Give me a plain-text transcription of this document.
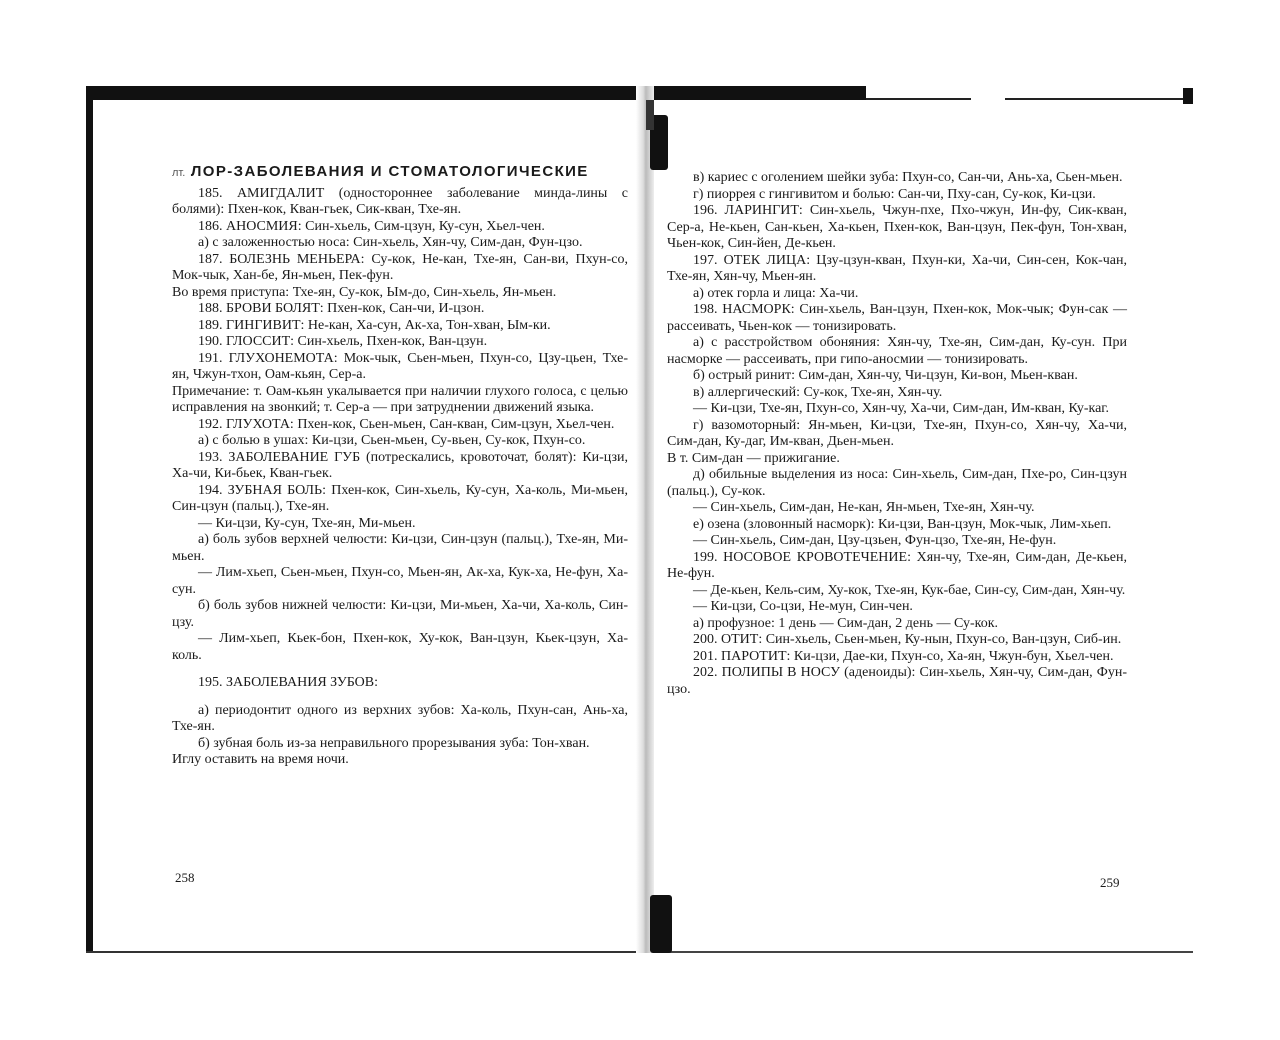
лт. ЛОР-ЗАБОЛЕВАНИЯ И СТОМАТОЛОГИЧЕСКИЕ

185. АМИГДАЛИТ (одностороннее заболевание минда-лины с болями): Пхен-кок, Кван-гьек, Сик-кван, Тхе-ян.

186. АНОСМИЯ: Син-хьель, Сим-цзун, Ку-сун, Хьел-чен.

а) с заложенностью носа: Син-хьель, Хян-чу, Сим-дан, Фун-цзо.

187. БОЛЕЗНЬ МЕНЬЕРА: Су-кок, Не-кан, Тхе-ян, Сан-ви, Пхун-со, Мок-чык, Хан-бе, Ян-мьен, Пек-фун.

Во время приступа: Тхе-ян, Су-кок, Ым-до, Син-хьель, Ян-мьен.

188. БРОВИ БОЛЯТ: Пхен-кок, Сан-чи, И-цзон.

189. ГИНГИВИТ: Не-кан, Ха-сун, Ак-ха, Тон-хван, Ым-ки.

190. ГЛОССИТ: Син-хьель, Пхен-кок, Ван-цзун.

191. ГЛУХОНЕМОТА: Мок-чык, Сьен-мьен, Пхун-со, Цзу-цьен, Тхе-ян, Чжун-тхон, Оам-кьян, Сер-а.

Примечание: т. Оам-кьян укалывается при наличии глухого голоса, с целью исправления на звонкий; т. Сер-а — при затруднении движений языка.

192. ГЛУХОТА: Пхен-кок, Сьен-мьен, Сан-кван, Сим-цзун, Хьел-чен.

а) с болью в ушах: Ки-цзи, Сьен-мьен, Су-вьен, Су-кок, Пхун-со.

193. ЗАБОЛЕВАНИЕ ГУБ (потрескались, кровоточат, болят): Ки-цзи, Ха-чи, Ки-бьек, Кван-гьек.

194. ЗУБНАЯ БОЛЬ: Пхен-кок, Син-хьель, Ку-сун, Ха-коль, Ми-мьен, Син-цзун (пальц.), Тхе-ян.

— Ки-цзи, Ку-сун, Тхе-ян, Ми-мьен.

а) боль зубов верхней челюсти: Ки-цзи, Син-цзун (пальц.), Тхе-ян, Ми-мьен.

— Лим-хьеп, Сьен-мьен, Пхун-со, Мьен-ян, Ак-ха, Кук-ха, Не-фун, Ха-сун.

б) боль зубов нижней челюсти: Ки-цзи, Ми-мьен, Ха-чи, Ха-коль, Син-цзу.

— Лим-хьеп, Кьек-бон, Пхен-кок, Ху-кок, Ван-цзун, Кьек-цзун, Ха-коль.

195. ЗАБОЛЕВАНИЯ ЗУБОВ:

а) периодонтит одного из верхних зубов: Ха-коль, Пхун-сан, Ань-ха, Тхе-ян.

б) зубная боль из-за неправильного прорезывания зуба: Тон-хван.

Иглу оставить на время ночи.

258

в) кариес с оголением шейки зуба: Пхун-со, Сан-чи, Ань-ха, Сьен-мьен.

г) пиоррея с гингивитом и болью: Сан-чи, Пху-сан, Су-кок, Ки-цзи.

196. ЛАРИНГИТ: Син-хьель, Чжун-пхе, Пхо-чжун, Ин-фу, Сик-кван, Сер-а, Не-кьен, Сан-кьен, Ха-кьен, Пхен-кок, Ван-цзун, Пек-фун, Тон-хван, Чьен-кок, Син-йен, Де-кьен.

197. ОТЕК ЛИЦА: Цзу-цзун-кван, Пхун-ки, Ха-чи, Син-сен, Кок-чан, Тхе-ян, Хян-чу, Мьен-ян.

а) отек горла и лица: Ха-чи.

198. НАСМОРК: Син-хьель, Ван-цзун, Пхен-кок, Мок-чык; Фун-сак — рассеивать, Чьен-кок — тонизировать.

а) с расстройством обоняния: Хян-чу, Тхе-ян, Сим-дан, Ку-сун. При насморке — рассеивать, при гипо-аносмии — тонизировать.

б) острый ринит: Сим-дан, Хян-чу, Чи-цзун, Ки-вон, Мьен-кван.

в) аллергический: Су-кок, Тхе-ян, Хян-чу.

— Ки-цзи, Тхе-ян, Пхун-со, Хян-чу, Ха-чи, Сим-дан, Им-кван, Ку-каг.

г) вазомоторный: Ян-мьен, Ки-цзи, Тхе-ян, Пхун-со, Хян-чу, Ха-чи, Сим-дан, Ку-даг, Им-кван, Дьен-мьен.

В т. Сим-дан — прижигание.

д) обильные выделения из носа: Син-хьель, Сим-дан, Пхе-ро, Син-цзун (пальц.), Су-кок.

— Син-хьель, Сим-дан, Не-кан, Ян-мьен, Тхе-ян, Хян-чу.

е) озена (зловонный насморк): Ки-цзи, Ван-цзун, Мок-чык, Лим-хьеп.

— Син-хьель, Сим-дан, Цзу-цзьен, Фун-цзо, Тхе-ян, Не-фун.

199. НОСОВОЕ КРОВОТЕЧЕНИЕ: Хян-чу, Тхе-ян, Сим-дан, Де-кьен, Не-фун.

— Де-кьен, Кель-сим, Ху-кок, Тхе-ян, Кук-бае, Син-су, Сим-дан, Хян-чу.

— Ки-цзи, Со-цзи, Не-мун, Син-чен.

а) профузное: 1 день — Сим-дан, 2 день — Су-кок.

200. ОТИТ: Син-хьель, Сьен-мьен, Ку-нын, Пхун-со, Ван-цзун, Сиб-ин.

201. ПАРОТИТ: Ки-цзи, Дае-ки, Пхун-со, Ха-ян, Чжун-бун, Хьел-чен.

202. ПОЛИПЫ В НОСУ (аденоиды): Син-хьель, Хян-чу, Сим-дан, Фун-цзо.

259
